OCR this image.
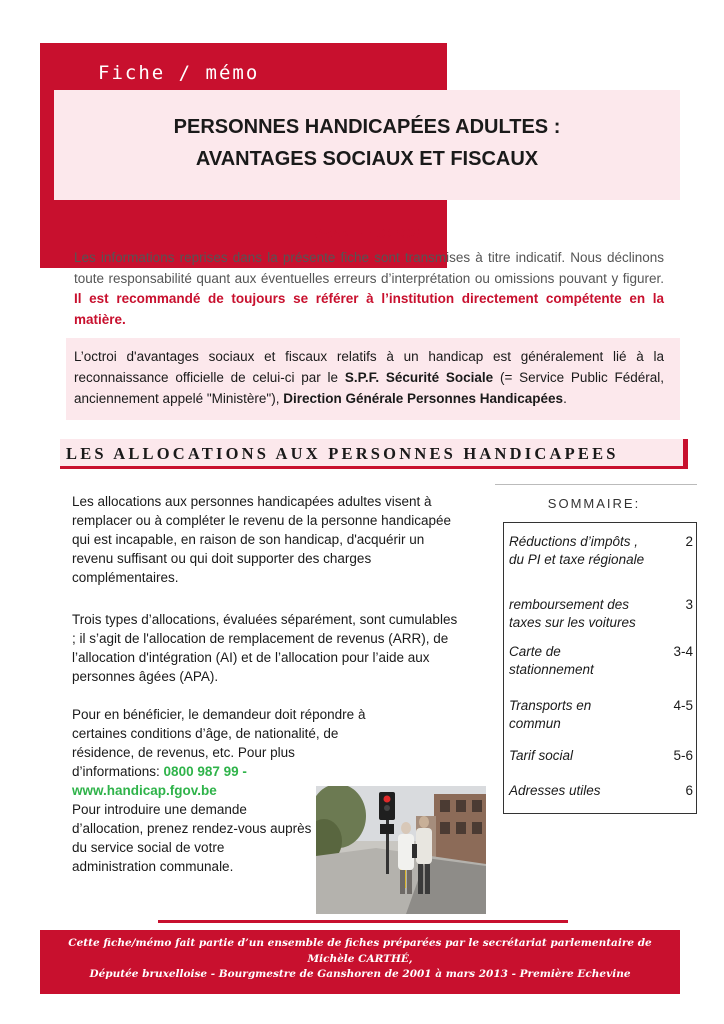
Fiche / mémo
PERSONNES HANDICAPÉES ADULTES :
AVANTAGES SOCIAUX ET FISCAUX
AVANT-PROPOS

Les informations reprises dans la présente fiche sont transmises à titre indicatif. Nous déclinons toute responsabilité quant aux éventuelles erreurs d’interprétation ou omissions pouvant y figurer. Il est recommandé de toujours se référer à l’institution directement compétente en la matière.

L’octroi d'avantages sociaux et fiscaux relatifs à un handicap est généralement lié à la reconnaissance officielle de celui-ci par le S.P.F. Sécurité Sociale (= Service Public Fédéral, anciennement appelé "Ministère"), Direction Générale Personnes Handicapées.

LES ALLOCATIONS AUX PERSONNES HANDICAPEES

Les allocations aux personnes handicapées adultes visent à remplacer ou à compléter le revenu de la personne handicapée qui est incapable, en raison de son handicap, d'acquérir un revenu suffisant ou qui doit supporter des charges complémentaires.

Trois types d’allocations, évaluées séparément, sont cumulables ; il s’agit de l'allocation de remplacement de revenus (ARR), de l’allocation d'intégration (AI) et de l’allocation pour l’aide aux personnes âgées (APA).

Pour en bénéficier, le demandeur doit répondre à certaines conditions d’âge, de nationalité, de résidence, de revenus, etc. Pour plus d’informations: 0800 987 99 - www.handicap.fgov.be

Pour introduire une demande d’allocation, prenez rendez-vous auprès du service social de votre administration communale.

SOMMAIRE:
Réductions d’impôts , du PI et taxe régionale
2
remboursement des taxes sur les voitures
3
Carte de stationnement
3-4
Transports en commun
4-5
Tarif social	5-6
Adresses utiles	6
Cette fiche/mémo fait partie d’un ensemble de fiches préparées par le secrétariat parlementaire de
Michèle CARTHÉ,
Députée bruxelloise - Bourgmestre de Ganshoren de 2001 à mars 2013 - Première Echevine
